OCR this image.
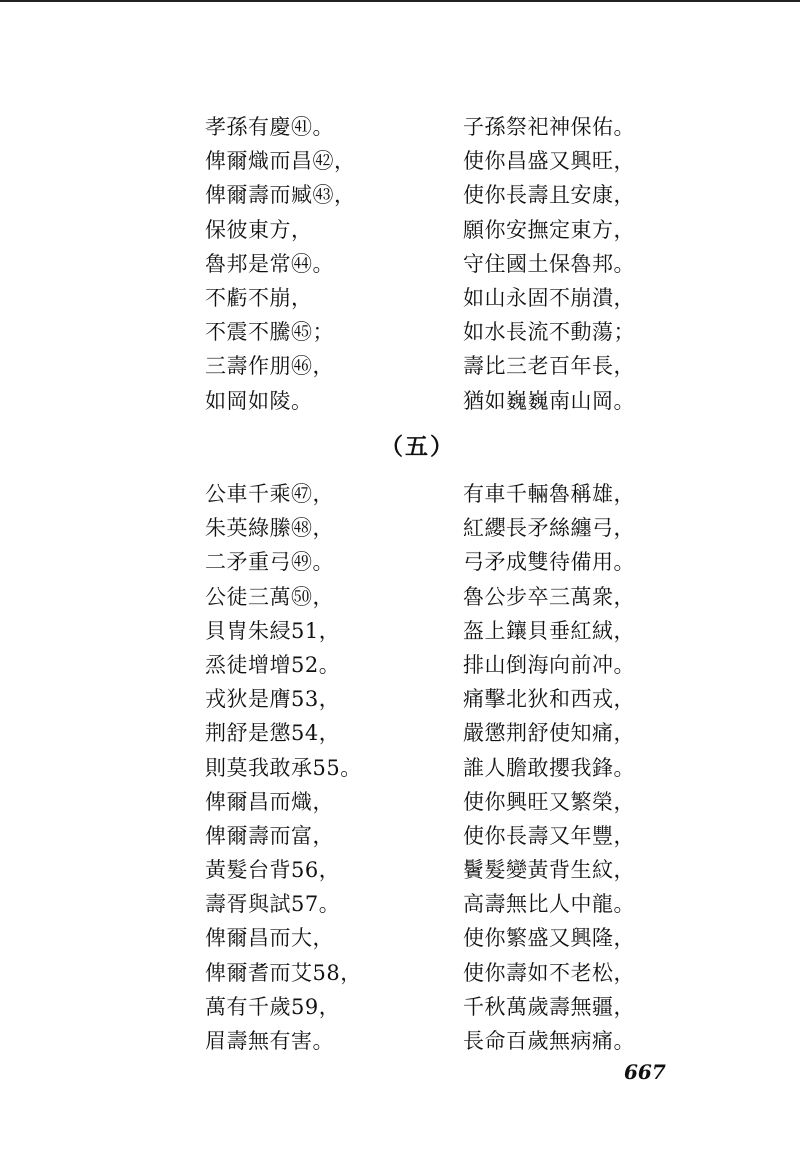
孝孫有慶㊶。
俾爾熾而昌㊷，
俾爾壽而臧㊸，
保彼東方，
魯邦是常㊹。
不虧不崩，
不震不騰㊺；
三壽作朋㊻，
如岡如陵。
子孫祭祀神保佑。
使你昌盛又興旺，
使你長壽且安康，
願你安撫定東方，
守住國土保魯邦。
如山永固不崩潰，
如水長流不動蕩；
壽比三老百年長，
猶如巍巍南山岡。
（五）
公車千乘㊼，
朱英綠縢㊽，
二矛重弓㊾。
公徒三萬㊿，
貝冑朱綅51，
烝徒增增52。
戎狄是膺53，
荆舒是懲54，
則莫我敢承55。
俾爾昌而熾，
俾爾壽而富，
黃髮台背56，
壽胥與試57。
俾爾昌而大，
俾爾耆而艾58，
萬有千歲59，
眉壽無有害。
有車千輛魯稱雄，
紅纓長矛絲纏弓，
弓矛成雙待備用。
魯公步卒三萬衆，
盔上鑲貝垂紅絨，
排山倒海向前冲。
痛擊北狄和西戎，
嚴懲荆舒使知痛，
誰人膽敢攖我鋒。
使你興旺又繁榮，
使你長壽又年豐，
鬢髮變黃背生紋，
高壽無比人中龍。
使你繁盛又興隆，
使你壽如不老松，
千秋萬歲壽無疆，
長命百歲無病痛。
667
